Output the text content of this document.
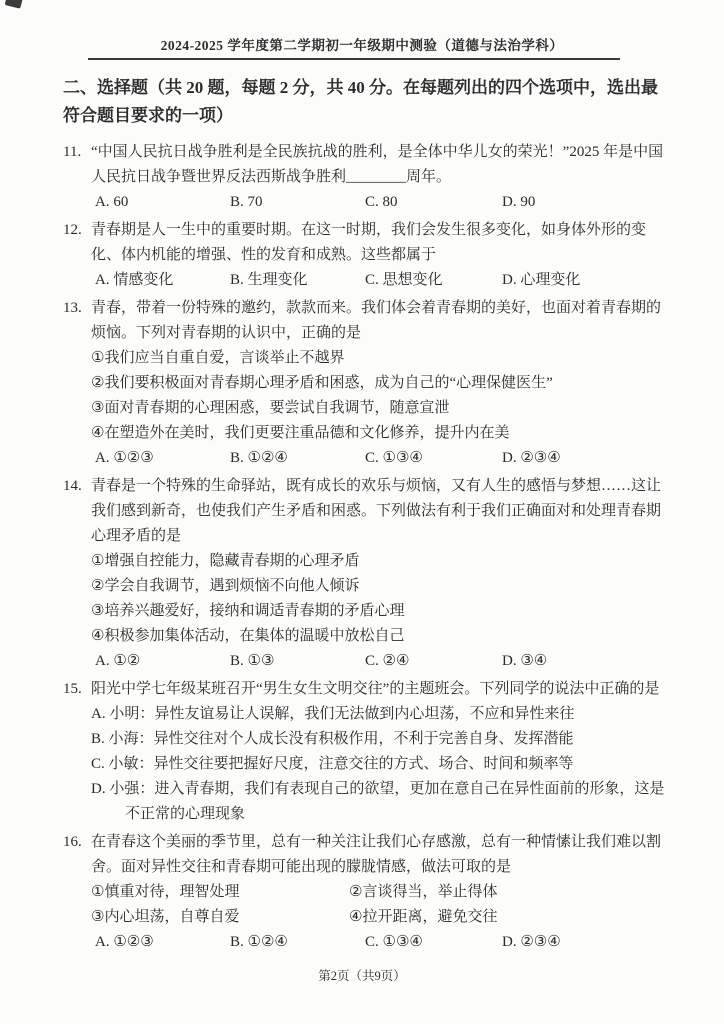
2024-2025 学年度第二学期初一年级期中测验（道德与法治学科）
二、选择题（共 20 题，每题 2 分，共 40 分。在每题列出的四个选项中，选出最符合题目要求的一项）
11. “中国人民抗日战争胜利是全民族抗战的胜利，是全体中华儿女的荣光！”2025 年是中国人民抗日战争暨世界反法西斯战争胜利________周年。

A. 60	B. 70	C. 80	D. 90
12. 青春期是人一生中的重要时期。在这一时期，我们会发生很多变化，如身体外形的变化、体内机能的增强、性的发育和成熟。这些都属于

A. 情感变化	B. 生理变化	C. 思想变化	D. 心理变化
13. 青春，带着一份特殊的邀约，款款而来。我们体会着青春期的美好，也面对着青春期的烦恼。下列对青春期的认识中，正确的是

①我们应当自重自爱，言谈举止不越界
②我们要积极面对青春期心理矛盾和困惑，成为自己的“心理保健医生”
③面对青春期的心理困惑，要尝试自我调节，随意宣泄
④在塑造外在美时，我们更要注重品德和文化修养，提升内在美
A. ①②③	B. ①②④	C. ①③④	D. ②③④
14. 青春是一个特殊的生命驿站，既有成长的欢乐与烦恼，又有人生的感悟与梦想……这让我们感到新奇，也使我们产生矛盾和困惑。下列做法有利于我们正确面对和处理青春期心理矛盾的是

①增强自控能力，隐藏青春期的心理矛盾
②学会自我调节，遇到烦恼不向他人倾诉
③培养兴趣爱好，接纳和调适青春期的矛盾心理
④积极参加集体活动，在集体的温暖中放松自己
A. ①②	B. ①③	C. ②④	D. ③④
15. 阳光中学七年级某班召开“男生女生文明交往”的主题班会。下列同学的说法中正确的是

A. 小明：异性友谊易让人误解，我们无法做到内心坦荡，不应和异性来往
B. 小海：异性交往对个人成长没有积极作用，不利于完善自身、发挥潜能
C. 小敏：异性交往要把握好尺度，注意交往的方式、场合、时间和频率等
D. 小强：进入青春期，我们有表现自己的欲望，更加在意自己在异性面前的形象，这是不正常的心理现象
16. 在青春这个美丽的季节里，总有一种关注让我们心存感激，总有一种情愫让我们难以割舍。面对异性交往和青春期可能出现的朦胧情感，做法可取的是

①慎重对待，理智处理	②言谈得当，举止得体
③内心坦荡，自尊自爱	④拉开距离，避免交往
A. ①②③	B. ①②④	C. ①③④	D. ②③④
第2页（共9页）
